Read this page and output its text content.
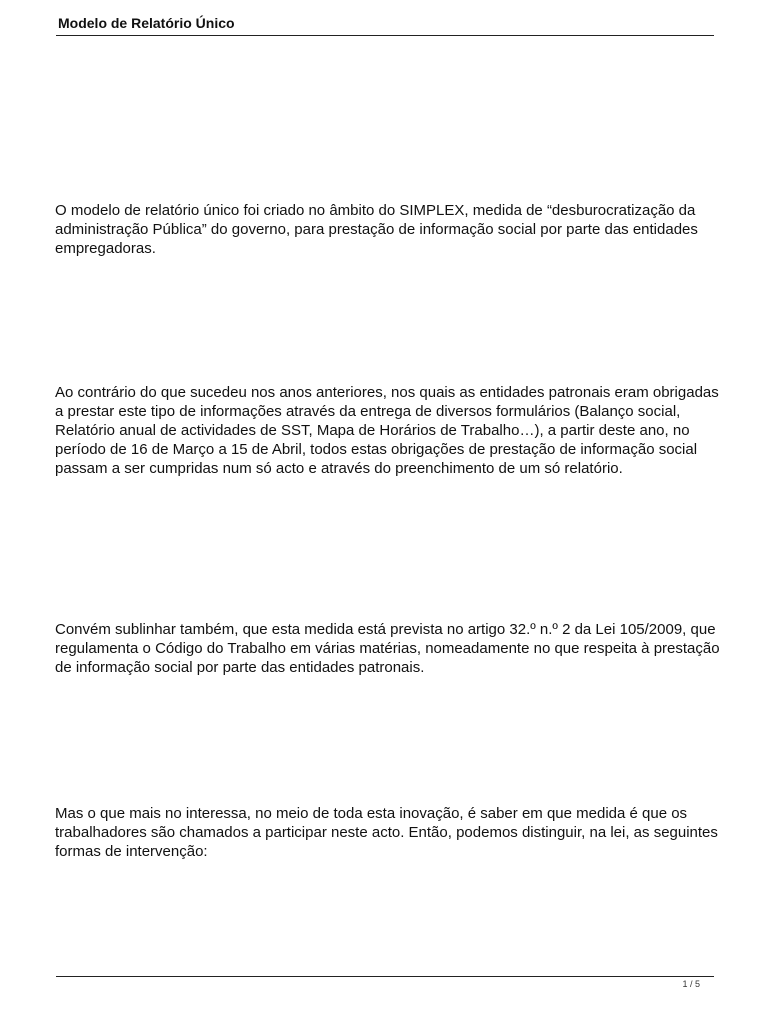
Modelo de Relatório Único

O modelo de relatório único foi criado no âmbito do SIMPLEX, medida de “desburocratização da administração Pública” do governo, para prestação de informação social por parte das entidades empregadoras.

Ao contrário do que sucedeu nos anos anteriores, nos quais as entidades patronais eram obrigadas a prestar este tipo de informações através da entrega de diversos formulários (Balanço social, Relatório anual de actividades de SST, Mapa de Horários de Trabalho…), a partir deste ano, no período de 16 de Março a 15 de Abril, todos estas obrigações de prestação de informação social passam a ser cumpridas num só acto e através do preenchimento de um só relatório.

Convém sublinhar também, que esta medida está prevista no artigo 32.º n.º 2 da Lei 105/2009, que regulamenta o Código do Trabalho em várias matérias, nomeadamente no que respeita à prestação de informação social por parte das entidades patronais.

Mas o que mais no interessa, no meio de toda esta inovação, é saber em que medida é que os trabalhadores são chamados a participar neste acto. Então, podemos distinguir, na lei, as seguintes formas de intervenção:

1 / 5
